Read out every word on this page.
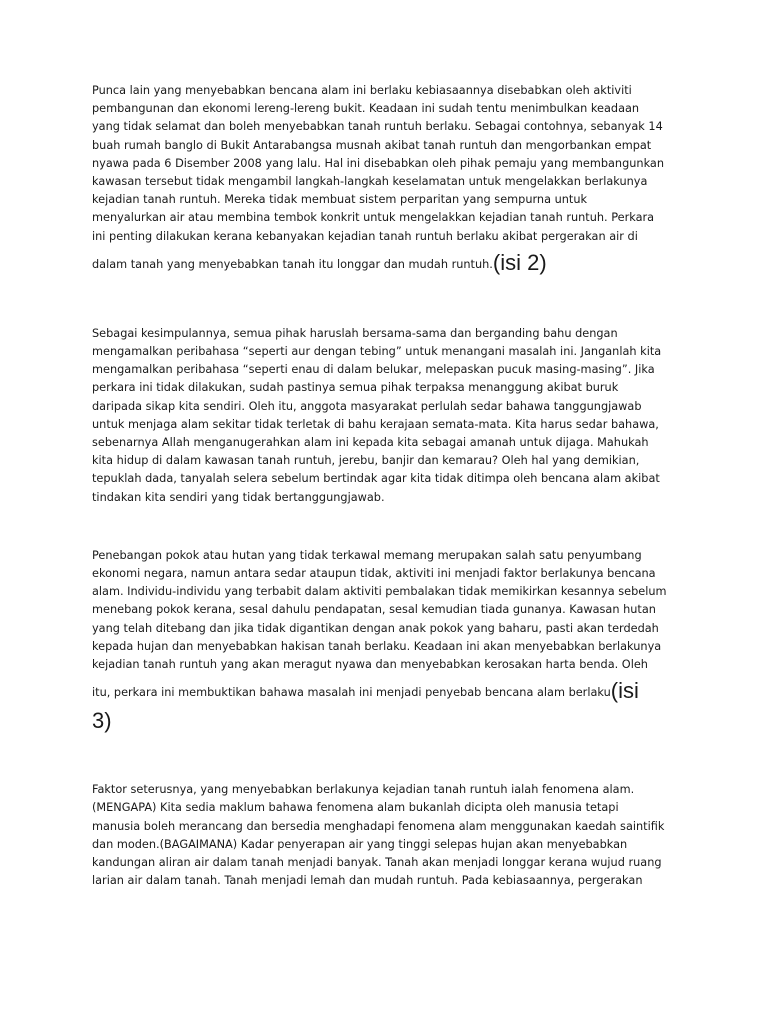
Punca lain yang menyebabkan bencana alam ini berlaku kebiasaannya disebabkan oleh aktiviti
pembangunan dan ekonomi lereng-lereng bukit. Keadaan ini sudah tentu menimbulkan keadaan
yang tidak selamat dan boleh menyebabkan tanah runtuh berlaku. Sebagai contohnya, sebanyak 14
buah rumah banglo di Bukit Antarabangsa musnah akibat tanah runtuh dan mengorbankan empat
nyawa pada 6 Disember 2008 yang lalu. Hal ini disebabkan oleh pihak pemaju yang membangunkan
kawasan tersebut tidak mengambil langkah-langkah keselamatan untuk mengelakkan berlakunya
kejadian tanah runtuh. Mereka tidak membuat sistem perparitan yang sempurna untuk
menyalurkan air atau membina tembok konkrit untuk mengelakkan kejadian tanah runtuh. Perkara
ini penting dilakukan kerana kebanyakan kejadian tanah runtuh berlaku akibat pergerakan air di
dalam tanah yang menyebabkan tanah itu longgar dan mudah runtuh.(isi 2)

Sebagai kesimpulannya, semua pihak haruslah bersama-sama dan berganding bahu dengan
mengamalkan peribahasa “seperti aur dengan tebing” untuk menangani masalah ini. Janganlah kita
mengamalkan peribahasa “seperti enau di dalam belukar, melepaskan pucuk masing-masing”. Jika
perkara ini tidak dilakukan, sudah pastinya semua pihak terpaksa menanggung akibat buruk
daripada sikap kita sendiri. Oleh itu, anggota masyarakat perlulah sedar bahawa tanggungjawab
untuk menjaga alam sekitar tidak terletak di bahu kerajaan semata-mata. Kita harus sedar bahawa,
sebenarnya Allah menganugerahkan alam ini kepada kita sebagai amanah untuk dijaga. Mahukah
kita hidup di dalam kawasan tanah runtuh, jerebu, banjir dan kemarau? Oleh hal yang demikian,
tepuklah dada, tanyalah selera sebelum bertindak agar kita tidak ditimpa oleh bencana alam akibat
tindakan kita sendiri yang tidak bertanggungjawab.

Penebangan pokok atau hutan yang tidak terkawal memang merupakan salah satu penyumbang
ekonomi negara, namun antara sedar ataupun tidak, aktiviti ini menjadi faktor berlakunya bencana
alam. Individu-individu yang terbabit dalam aktiviti pembalakan tidak memikirkan kesannya sebelum
menebang pokok kerana, sesal dahulu pendapatan, sesal kemudian tiada gunanya. Kawasan hutan
yang telah ditebang dan jika tidak digantikan dengan anak pokok yang baharu, pasti akan terdedah
kepada hujan dan menyebabkan hakisan tanah berlaku. Keadaan ini akan menyebabkan berlakunya
kejadian tanah runtuh yang akan meragut nyawa dan menyebabkan kerosakan harta benda. Oleh
itu, perkara ini membuktikan bahawa masalah ini menjadi penyebab bencana alam berlaku(isi
3)

Faktor seterusnya, yang menyebabkan berlakunya kejadian tanah runtuh ialah fenomena alam.
(MENGAPA) Kita sedia maklum bahawa fenomena alam bukanlah dicipta oleh manusia tetapi
manusia boleh merancang dan bersedia menghadapi fenomena alam menggunakan kaedah saintifik
dan moden.(BAGAIMANA) Kadar penyerapan air yang tinggi selepas hujan akan menyebabkan
kandungan aliran air dalam tanah menjadi banyak. Tanah akan menjadi longgar kerana wujud ruang
larian air dalam tanah. Tanah menjadi lemah dan mudah runtuh. Pada kebiasaannya, pergerakan
